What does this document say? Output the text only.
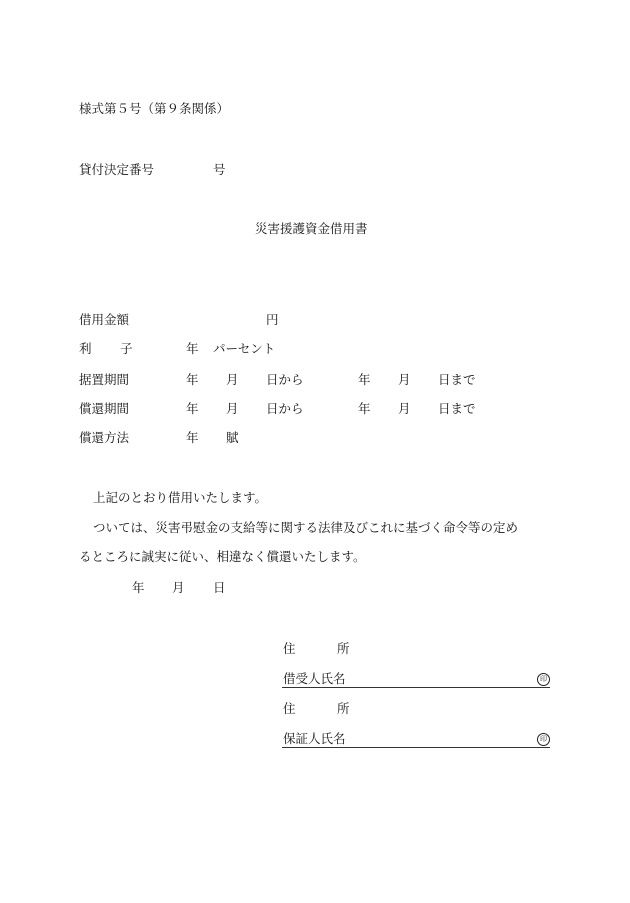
様式第５号（第９条関係）
貸付決定番号	号
災害援護資金借用書
借用金額	円
利 子	年 パーセント
据置期間	年 月 日から	年 月 日まで
償還期間	年 月 日から	年 月 日まで
償還方法	年 賦
上記のとおり借用いたします。
ついては、災害弔慰金の支給等に関する法律及びこれに基づく命令等の定め
るところに誠実に従い、相違なく償還いたします。
年 月 日
住	所
借受人氏名	印
住	所
保証人氏名	印
